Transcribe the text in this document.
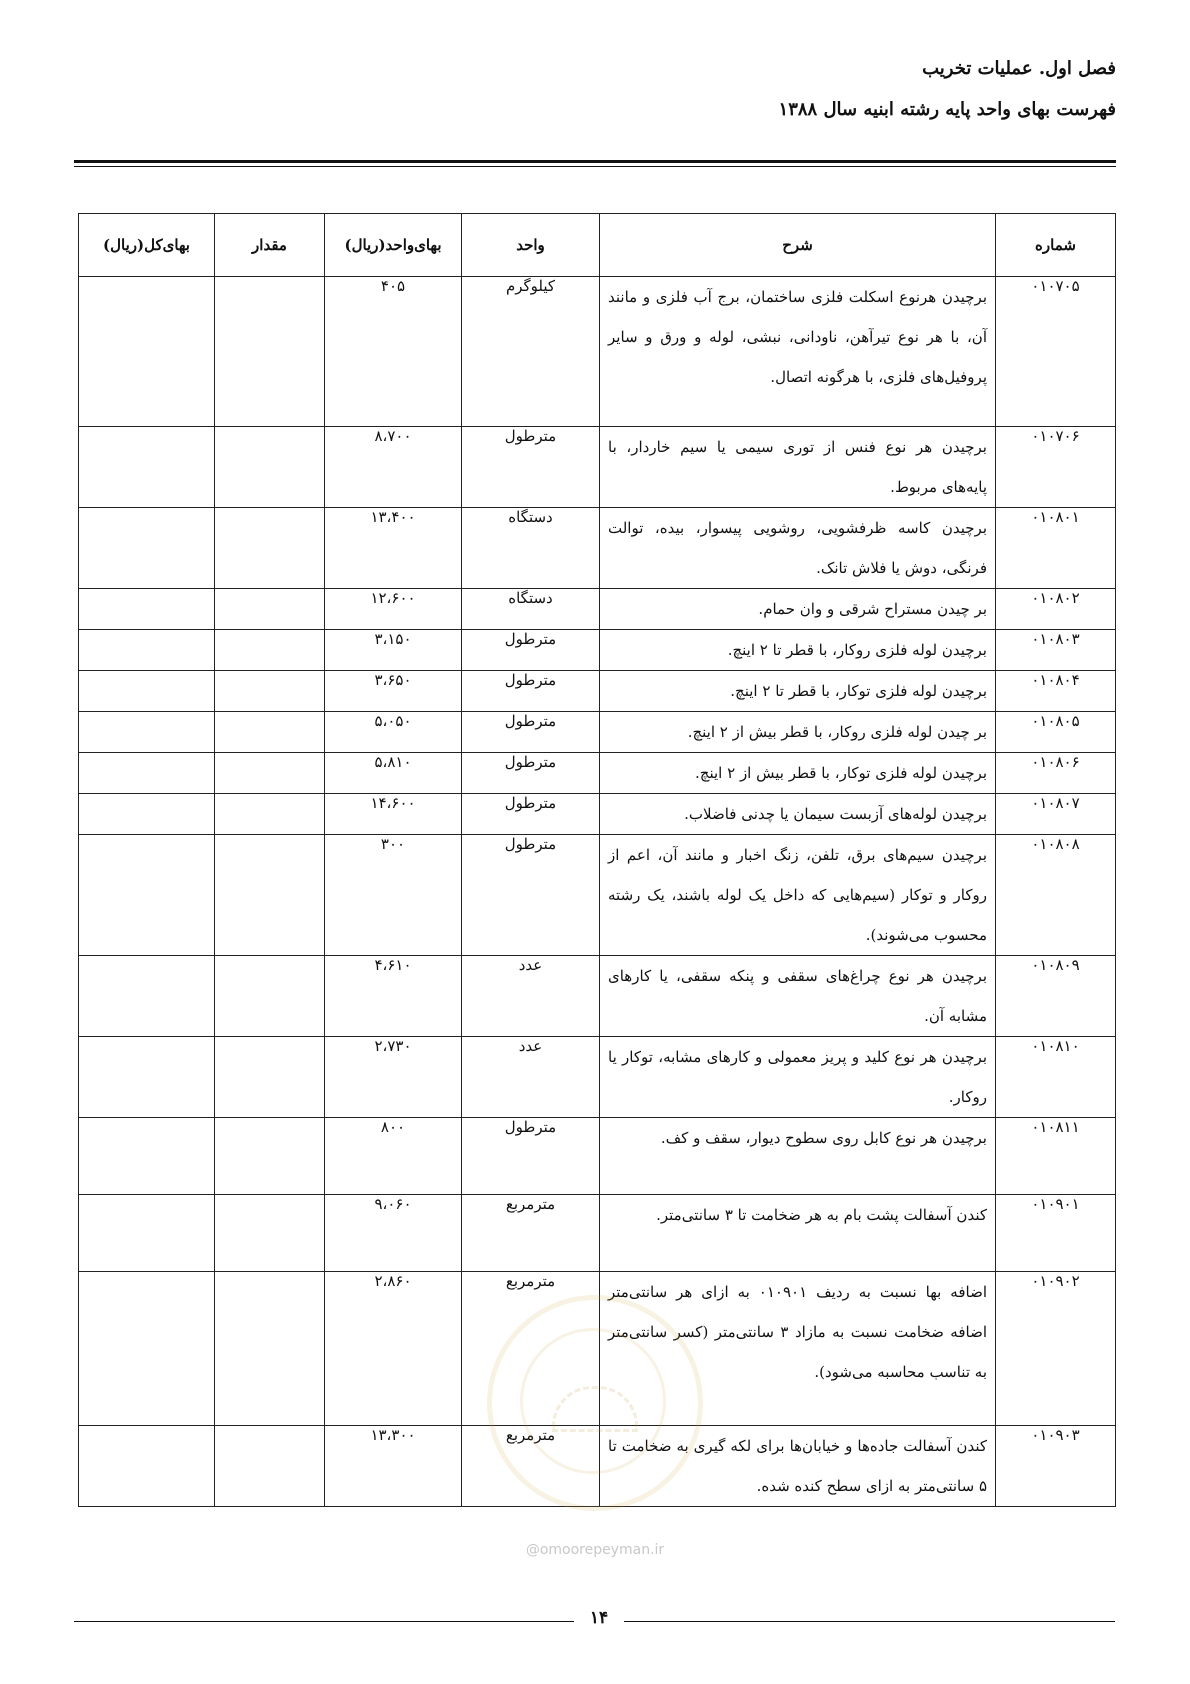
فصل اول. عملیات تخریب
فهرست بهای واحد پایه رشته ابنیه سال ۱۳۸۸
شماره	شرح	واحد	بهای‌واحد(ریال)	مقدار	بهای‌کل(ریال)
۰۱۰۷۰۵	برچیدن هرنوع اسکلت فلزی ساختمان، برج آب فلزی و مانند آن، با هر نوع تیرآهن، ناودانی، نبشی، لوله و ورق و سایر پروفیل‌های فلزی، با هرگونه اتصال.	کیلوگرم	۴۰۵		
۰۱۰۷۰۶	برچیدن هر نوع فنس از توری سیمی یا سیم خاردار، با پایه‌های مربوط.	مترطول	۸،۷۰۰		
۰۱۰۸۰۱	برچیدن کاسه ظرفشویی، روشویی پیسوار، بیده، توالت فرنگی، دوش یا فلاش تانک.	دستگاه	۱۳،۴۰۰		
۰۱۰۸۰۲	بر چیدن مستراح شرقی و وان حمام.	دستگاه	۱۲،۶۰۰		
۰۱۰۸۰۳	برچیدن لوله فلزی روکار، با قطر تا ۲ اینچ.	مترطول	۳،۱۵۰		
۰۱۰۸۰۴	برچیدن لوله فلزی توکار، با قطر تا ۲ اینچ.	مترطول	۳،۶۵۰		
۰۱۰۸۰۵	بر چیدن لوله فلزی روکار، با قطر بیش از ۲ اینچ.	مترطول	۵،۰۵۰		
۰۱۰۸۰۶	برچیدن لوله فلزی توکار، با قطر بیش از ۲ اینچ.	مترطول	۵،۸۱۰		
۰۱۰۸۰۷	برچیدن لوله‌های آزبست سیمان یا چدنی فاضلاب.	مترطول	۱۴،۶۰۰		
۰۱۰۸۰۸	برچیدن سیم‌های برق، تلفن، زنگ اخبار و مانند آن، اعم از روکار و توکار (سیم‌هایی که داخل یک لوله باشند، یک رشته محسوب می‌شوند).	مترطول	۳۰۰		
۰۱۰۸۰۹	برچیدن هر نوع چراغ‌های سقفی و پنکه سقفی، یا کارهای مشابه آن.	عدد	۴،۶۱۰		
۰۱۰۸۱۰	برچیدن هر نوع کلید و پریز معمولی و کارهای مشابه، توکار یا روکار.	عدد	۲،۷۳۰		
۰۱۰۸۱۱	برچیدن هر نوع کابل روی سطوح دیوار، سقف و کف.	مترطول	۸۰۰		
۰۱۰۹۰۱	کندن آسفالت پشت بام به هر ضخامت تا ۳ سانتی‌متر.	مترمربع	۹،۰۶۰		
۰۱۰۹۰۲	اضافه بها نسبت به ردیف ۰۱۰۹۰۱ به ازای هر سانتی‌متر اضافه ضخامت نسبت به مازاد ۳ سانتی‌متر (کسر سانتی‌متر به تناسب محاسبه می‌شود).	مترمربع	۲،۸۶۰		
۰۱۰۹۰۳	کندن آسفالت جاده‌ها و خیابان‌ها برای لکه گیری به ضخامت تا ۵ سانتی‌متر به ازای سطح کنده شده.	مترمربع	۱۳،۳۰۰		
@omoorepeyman.ir
۱۴
